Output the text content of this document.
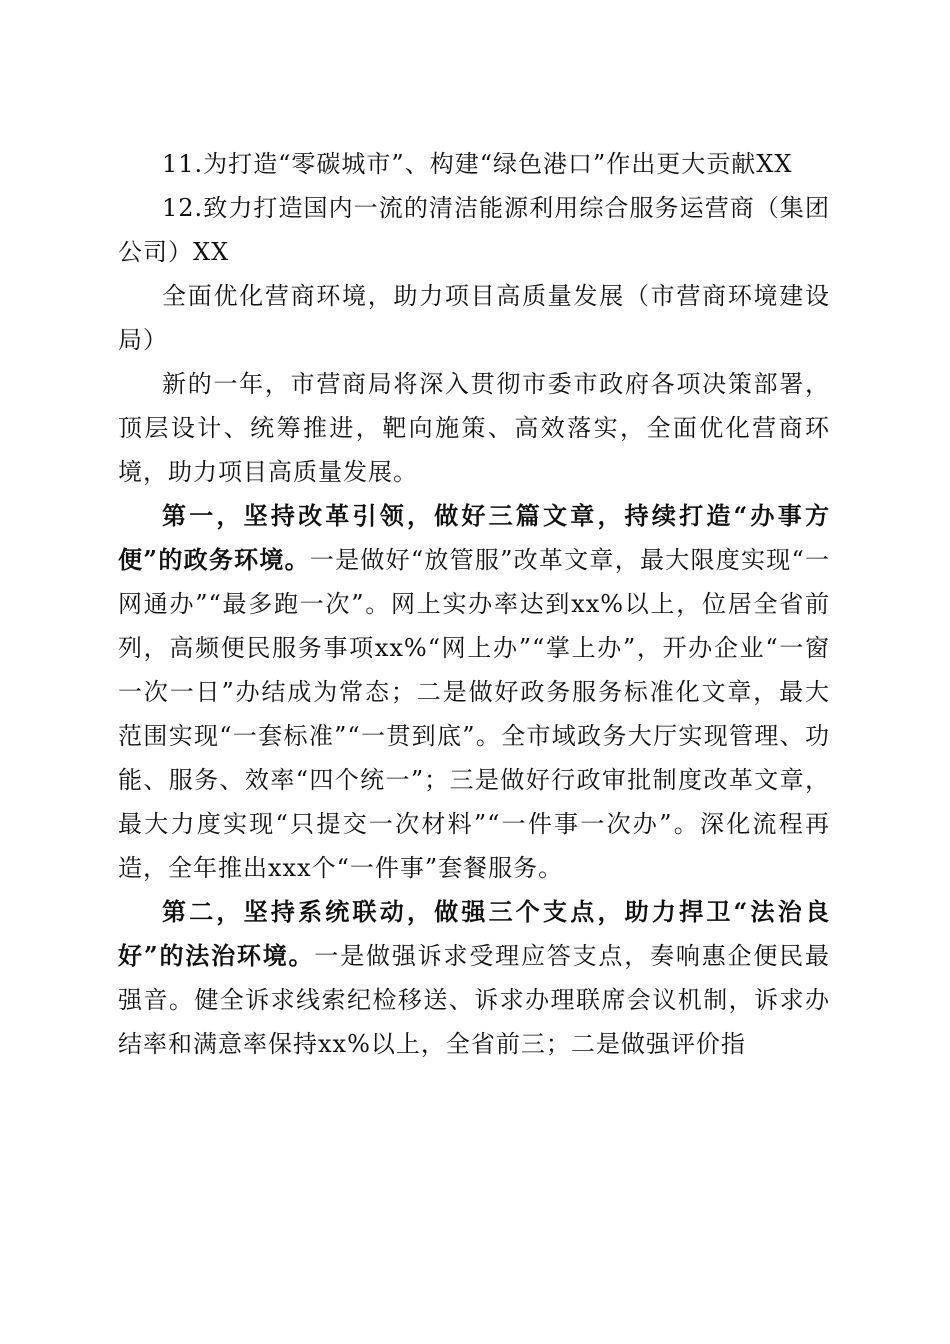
11.为打造“零碳城市”、构建“绿色港口”作出更大贡献XX

12.致力打造国内一流的清洁能源利用综合服务运营商（集团公司）XX

全面优化营商环境，助力项目高质量发展（市营商环境建设局）

新的一年，市营商局将深入贯彻市委市政府各项决策部署，顶层设计、统筹推进，靶向施策、高效落实，全面优化营商环境，助力项目高质量发展。

第一，坚持改革引领，做好三篇文章，持续打造“办事方便”的政务环境。一是做好“放管服”改革文章，最大限度实现“一网通办”“最多跑一次”。网上实办率达到xx%以上，位居全省前列，高频便民服务事项xx%“网上办”“掌上办”，开办企业“一窗一次一日”办结成为常态；二是做好政务服务标准化文章，最大范围实现“一套标准”“一贯到底”。全市域政务大厅实现管理、功能、服务、效率“四个统一”；三是做好行政审批制度改革文章，最大力度实现“只提交一次材料”“一件事一次办”。深化流程再造，全年推出xxx个“一件事”套餐服务。

第二，坚持系统联动，做强三个支点，助力捍卫“法治良好”的法治环境。一是做强诉求受理应答支点，奏响惠企便民最强音。健全诉求线索纪检移送、诉求办理联席会议机制，诉求办结率和满意率保持xx%以上，全省前三；二是做强评价指
